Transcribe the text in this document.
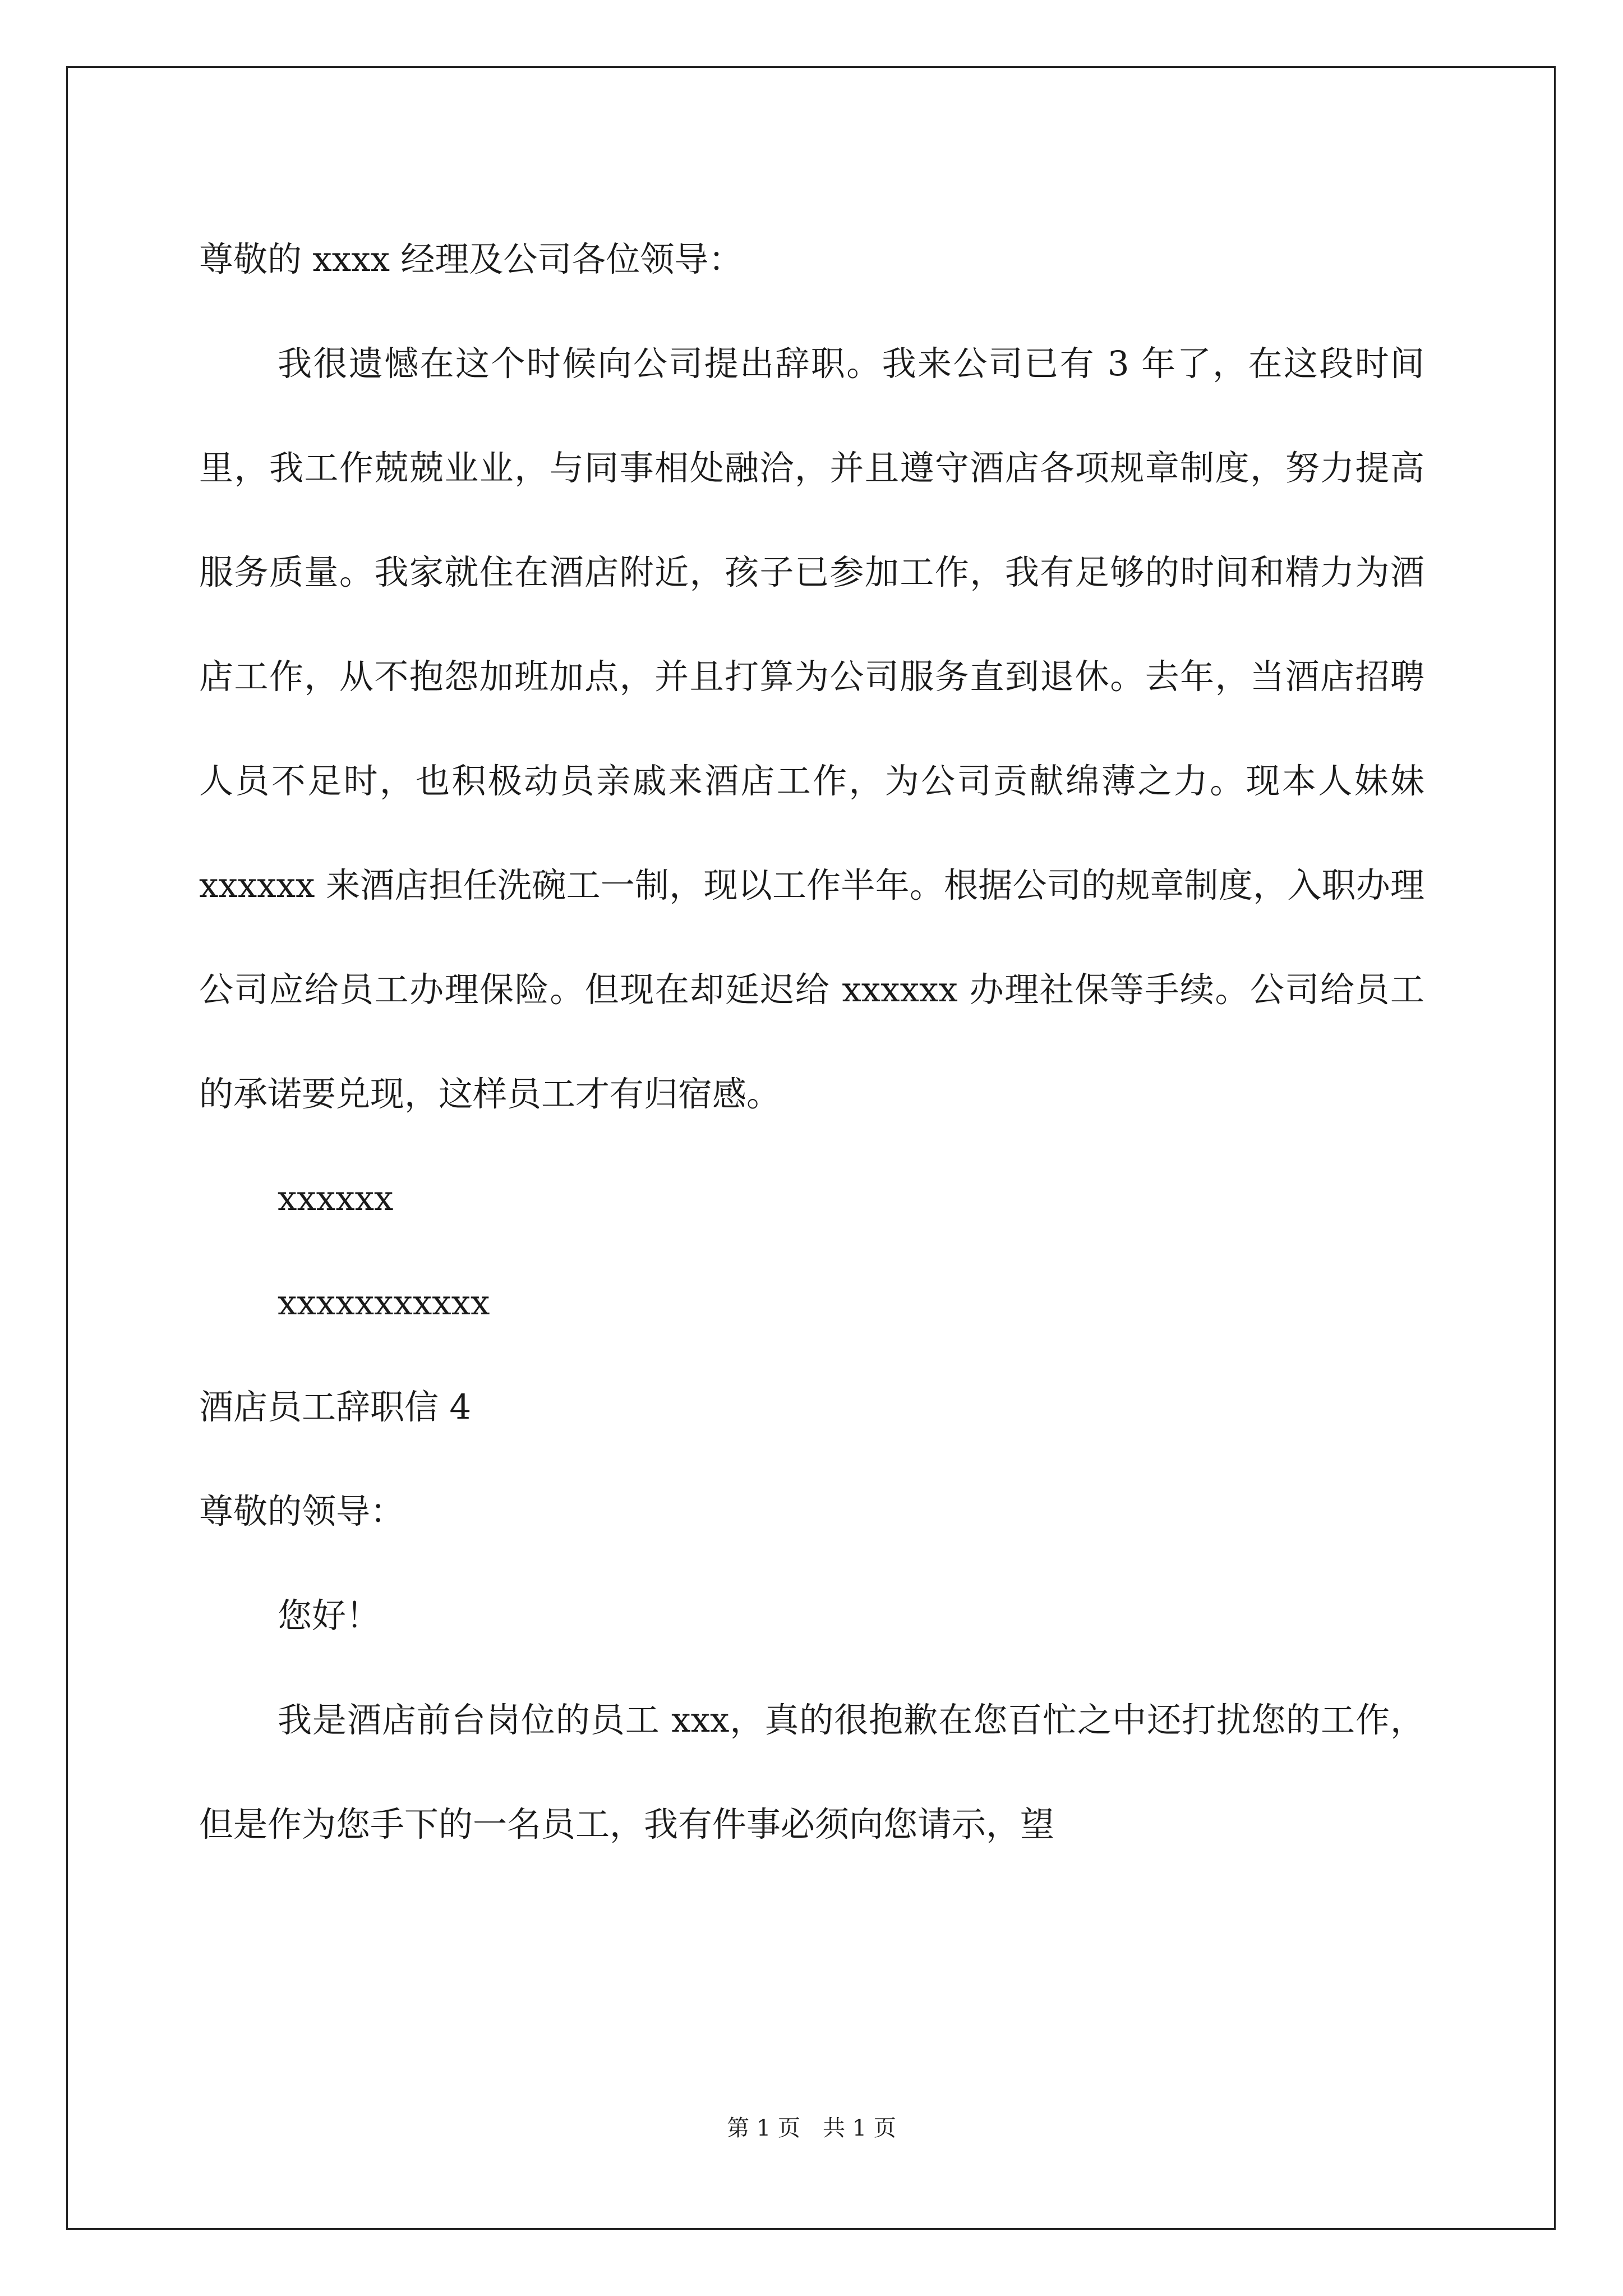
尊敬的 xxxx 经理及公司各位领导：

我很遗憾在这个时候向公司提出辞职。我来公司已有 3 年了，在这段时间里，我工作兢兢业业，与同事相处融洽，并且遵守酒店各项规章制度，努力提高服务质量。我家就住在酒店附近，孩子已参加工作，我有足够的时间和精力为酒店工作，从不抱怨加班加点，并且打算为公司服务直到退休。去年，当酒店招聘人员不足时，也积极动员亲戚来酒店工作，为公司贡献绵薄之力。现本人妹妹 xxxxxx 来酒店担任洗碗工一制，现以工作半年。根据公司的规章制度，入职办理公司应给员工办理保险。但现在却延迟给 xxxxxx 办理社保等手续。公司给员工的承诺要兑现，这样员工才有归宿感。

xxxxxx

xxxxxxxxxxx

酒店员工辞职信 4

尊敬的领导：

您好！

我是酒店前台岗位的员工 xxx，真的很抱歉在您百忙之中还打扰您的工作，但是作为您手下的一名员工，我有件事必须向您请示，望

第 1 页 共 1 页
